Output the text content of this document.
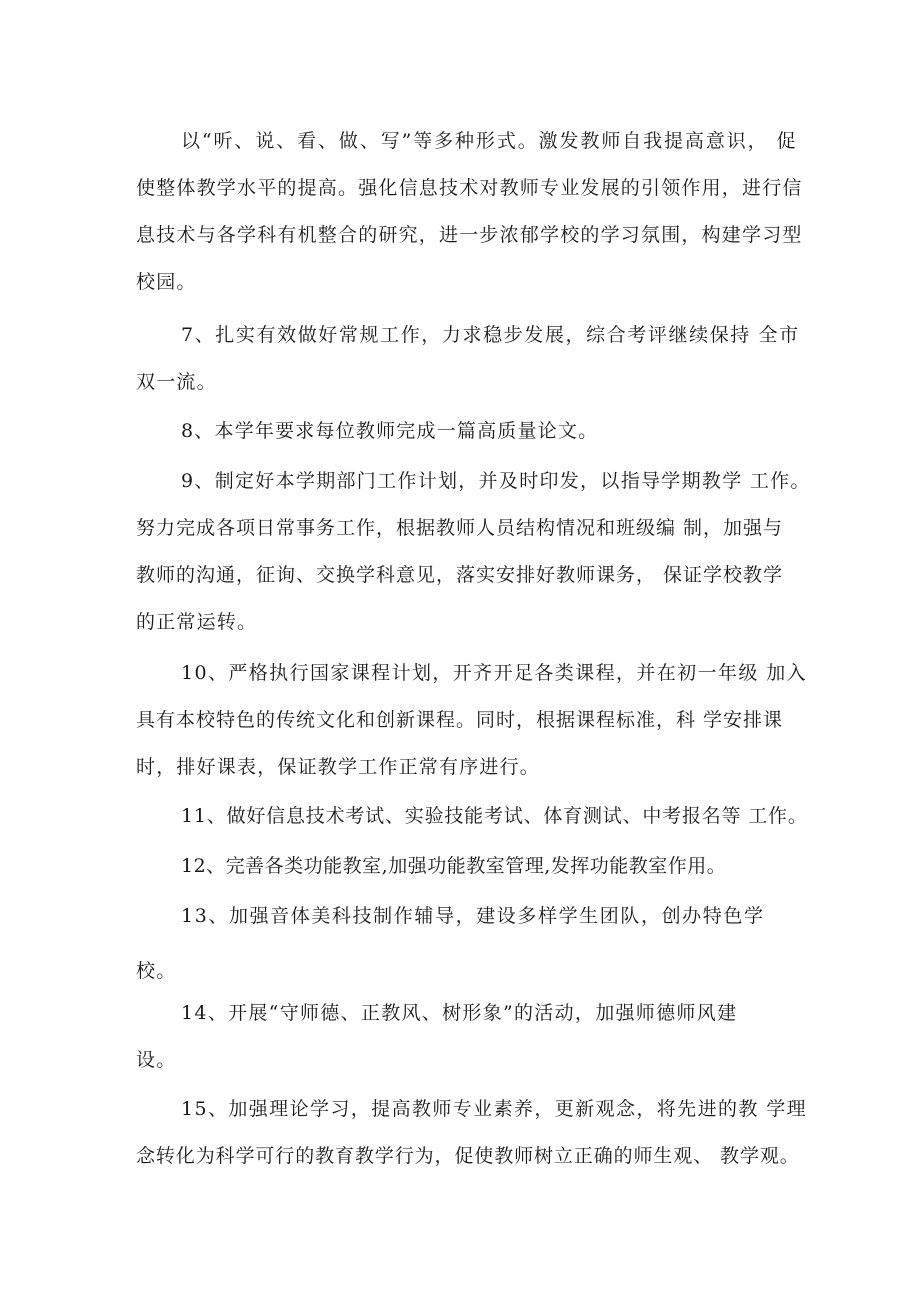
以“听、说、看、做、写”等多种形式。激发教师自我提高意识， 促
使整体教学水平的提高。强化信息技术对教师专业发展的引领作用，进行信
息技术与各学科有机整合的研究，进一步浓郁学校的学习氛围，构建学习型
校园。
7、扎实有效做好常规工作，力求稳步发展，综合考评继续保持 全市
双一流。
8、本学年要求每位教师完成一篇高质量论文。
9、制定好本学期部门工作计划，并及时印发，以指导学期教学 工作。
努力完成各项日常事务工作，根据教师人员结构情况和班级编 制，加强与
教师的沟通，征询、交换学科意见，落实安排好教师课务， 保证学校教学
的正常运转。
10、严格执行国家课程计划，开齐开足各类课程，并在初一年级 加入
具有本校特色的传统文化和创新课程。同时，根据课程标准，科 学安排课
时，排好课表，保证教学工作正常有序进行。
11、做好信息技术考试、实验技能考试、体育测试、中考报名等 工作。
12、完善各类功能教室,加强功能教室管理,发挥功能教室作用。
13、加强音体美科技制作辅导，建设多样学生团队，创办特色学
校。
14、开展“守师德、正教风、树形象”的活动，加强师德师风建
设。
15、加强理论学习，提高教师专业素养，更新观念，将先进的教 学理
念转化为科学可行的教育教学行为，促使教师树立正确的师生观、 教学观。
